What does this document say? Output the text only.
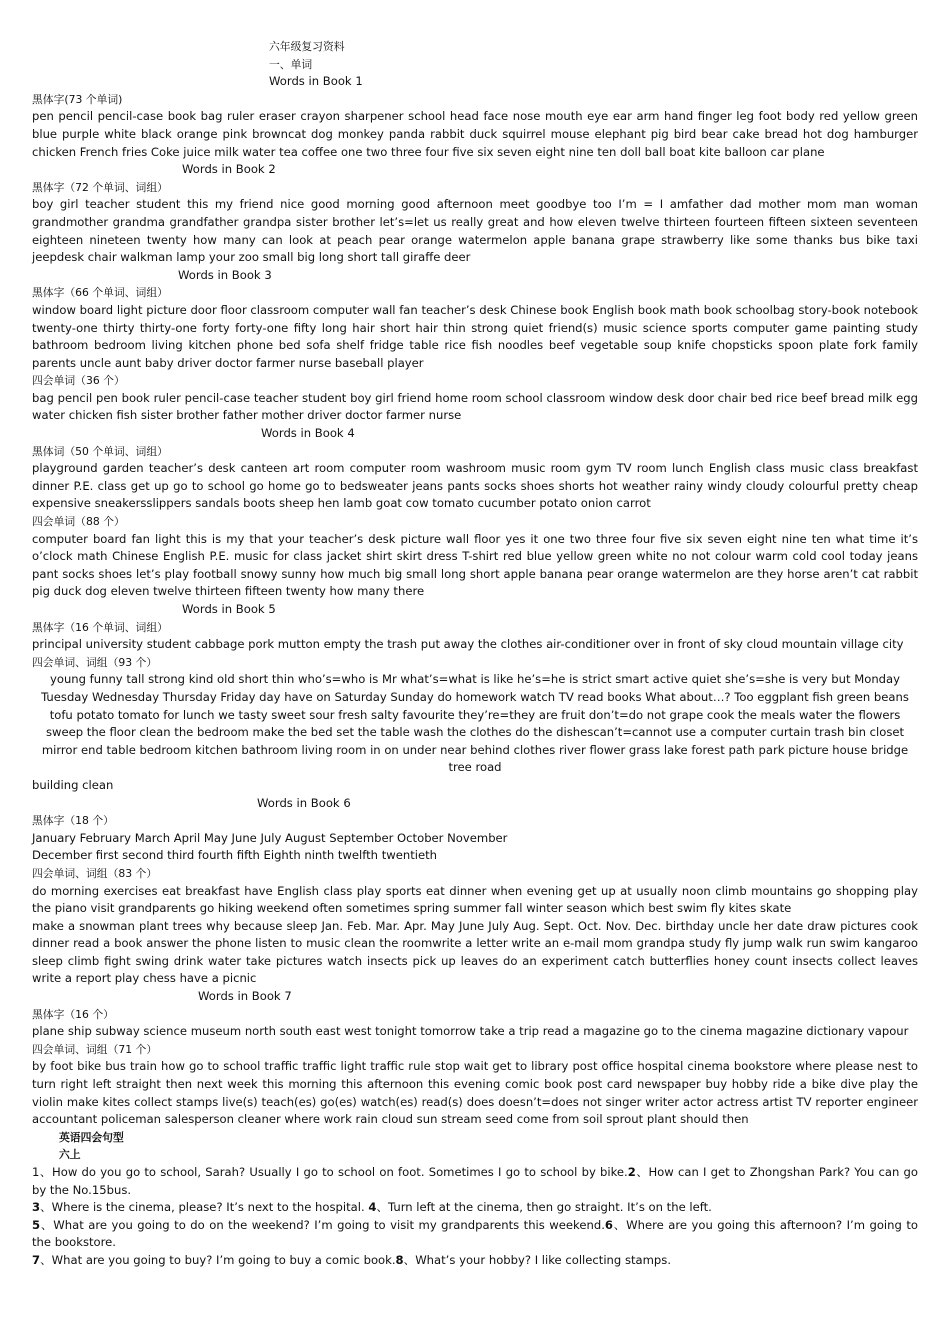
六年级复习资料

一、单词

Words in Book 1

黑体字(73 个单词)

pen pencil pencil-case book bag ruler eraser crayon sharpener school head face nose mouth eye ear arm hand finger leg foot body red yellow green blue purple white black orange pink browncat dog monkey panda rabbit duck squirrel mouse elephant pig bird bear cake bread hot dog hamburger chicken French fries Coke juice milk water tea coffee one two three four five six seven eight nine ten doll ball boat kite balloon car plane

Words in Book 2

黑体字（72 个单词、词组）

boy girl teacher student this my friend nice good morning good afternoon meet goodbye too I’m = I amfather dad mother mom man woman grandmother grandma grandfather grandpa sister brother let’s=let us really great and how eleven twelve thirteen fourteen fifteen sixteen seventeen eighteen nineteen twenty how many can look at peach pear orange watermelon apple banana grape strawberry like some thanks bus bike taxi jeepdesk chair walkman lamp your zoo small big long short tall giraffe deer

Words in Book 3

黑体字（66 个单词、词组）

window board light picture door floor classroom computer wall fan teacher’s desk Chinese book English book math book schoolbag story-book notebook twenty-one thirty thirty-one forty forty-one fifty long hair short hair thin strong quiet friend(s) music science sports computer game painting study bathroom bedroom living kitchen phone bed sofa shelf fridge table rice fish noodles beef vegetable soup knife chopsticks spoon plate fork family parents uncle aunt baby driver doctor farmer nurse baseball player

四会单词（36 个）

bag pencil pen book ruler pencil-case teacher student boy girl friend home room school classroom window desk door chair bed rice beef bread milk egg water chicken fish sister brother father mother driver doctor farmer nurse

Words in Book 4

黑体词（50 个单词、词组）

playground garden teacher’s desk canteen art room computer room washroom music room gym TV room lunch English class music class breakfast dinner P.E. class get up go to school go home go to bedsweater jeans pants socks shoes shorts hot weather rainy windy cloudy colourful pretty cheap expensive sneakersslippers sandals boots sheep hen lamb goat cow tomato cucumber potato onion carrot

四会单词（88 个）

computer board fan light this is my that your teacher’s desk picture wall floor yes it one two three four five six seven eight nine ten what time it’s o’clock math Chinese English P.E. music for class jacket shirt skirt dress T-shirt red blue yellow green white no not colour warm cold cool today jeans pant socks shoes let’s play football snowy sunny how much big small long short apple banana pear orange watermelon are they horse aren’t cat rabbit pig duck dog eleven twelve thirteen fifteen twenty how many there

Words in Book 5

黑体字（16 个单词、词组）

principal university student cabbage pork mutton empty the trash put away the clothes air-conditioner over in front of sky cloud mountain village city

四会单词、词组（93 个）

young funny tall strong kind old short thin who’s=who is Mr what’s=what is like he’s=he is strict smart active quiet she’s=she is very but Monday Tuesday Wednesday Thursday Friday day have on Saturday Sunday do homework watch TV read books What about…? Too eggplant fish green beans tofu potato tomato for lunch we tasty sweet sour fresh salty favourite they’re=they are fruit don’t=do not grape cook the meals water the flowers sweep the floor clean the bedroom make the bed set the table wash the clothes do the dishescan’t=cannot use a computer curtain trash bin closet mirror end table bedroom kitchen bathroom living room in on under near behind clothes river flower grass lake forest path park picture house bridge tree road

building clean

Words in Book 6

黑体字（18 个）

January February March April May June July August September October November

December first second third fourth fifth Eighth ninth twelfth twentieth

四会单词、词组（83 个）

do morning exercises eat breakfast have English class play sports eat dinner when evening get up at usually noon climb mountains go shopping play the piano visit grandparents go hiking weekend often sometimes spring summer fall winter season which best swim fly kites skate

make a snowman plant trees why because sleep Jan. Feb. Mar. Apr. May June July Aug. Sept. Oct. Nov. Dec. birthday uncle her date draw pictures cook dinner read a book answer the phone listen to music clean the roomwrite a letter write an e-mail mom grandpa study fly jump walk run swim kangaroo sleep climb fight swing drink water take pictures watch insects pick up leaves do an experiment catch butterflies honey count insects collect leaves write a report play chess have a picnic

Words in Book 7

黑体字（16 个）

plane ship subway science museum north south east west tonight tomorrow take a trip read a magazine go to the cinema magazine dictionary vapour

四会单词、词组（71 个）

by foot bike bus train how go to school traffic traffic light traffic rule stop wait get to library post office hospital cinema bookstore where please nest to turn right left straight then next week this morning this afternoon this evening comic book post card newspaper buy hobby ride a bike dive play the violin make kites collect stamps live(s) teach(es) go(es) watch(es) read(s) does doesn’t=does not singer writer actor actress artist TV reporter engineer accountant policeman salesperson cleaner where work rain cloud sun stream seed come from soil sprout plant should then

英语四会句型

六上

1、How do you go to school, Sarah? Usually I go to school on foot. Sometimes I go to school by bike.2、How can I get to Zhongshan Park? You can go by the No.15bus.

3、Where is the cinema, please? It’s next to the hospital. 4、Turn left at the cinema, then go straight. It’s on the left.

5、What are you going to do on the weekend? I’m going to visit my grandparents this weekend.6、Where are you going this afternoon? I’m going to the bookstore.

7、What are you going to buy? I’m going to buy a comic book.8、What’s your hobby? I like collecting stamps.
